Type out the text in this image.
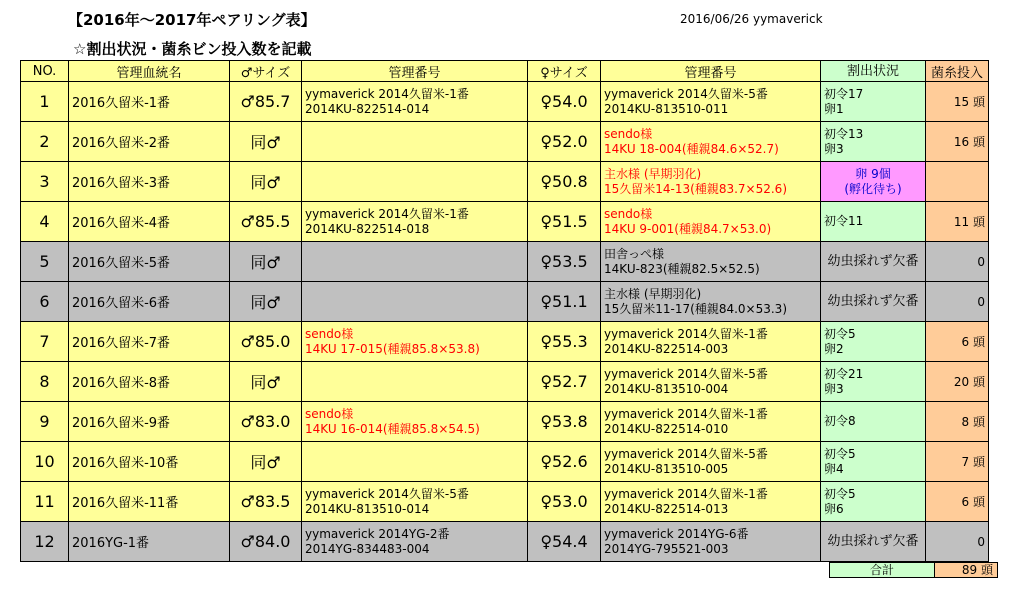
【2016年～2017年ペアリング表】	2016/06/26 yymaverick
☆割出状況・菌糸ビン投入数を記載
NO.	管理血統名	♂サイズ	管理番号	♀サイズ	管理番号	割出状況	菌糸投入
1	2016久留米-1番	♂85.7	yymaverick 2014久留米-1番
2014KU-822514-014	♀54.0	yymaverick 2014久留米-5番
2014KU-813510-011	初令17
卵1	15 頭
2	2016久留米-2番	同♂		♀52.0	sendo様
14KU 18-004(種親84.6×52.7)	初令13
卵3	16 頭
3	2016久留米-3番	同♂		♀50.8	主水様 (早期羽化)
15久留米14-13(種親83.7×52.6)	卵 9個
(孵化待ち)	

4	2016久留米-4番	♂85.5	yymaverick 2014久留米-1番
2014KU-822514-018	♀51.5	sendo様
14KU 9-001(種親84.7×53.0)	初令11	11 頭
5	2016久留米-5番	同♂		♀53.5	田舎っぺ様
14KU-823(種親82.5×52.5)	幼虫採れず欠番	0
6	2016久留米-6番	同♂		♀51.1	主水様 (早期羽化)
15久留米11-17(種親84.0×53.3)	幼虫採れず欠番	0
7	2016久留米-7番	♂85.0	sendo様
14KU 17-015(種親85.8×53.8)	♀55.3	yymaverick 2014久留米-1番
2014KU-822514-003	初令5
卵2	6 頭
8	2016久留米-8番	同♂		♀52.7	yymaverick 2014久留米-5番
2014KU-813510-004	初令21
卵3	20 頭
9	2016久留米-9番	♂83.0	sendo様
14KU 16-014(種親85.8×54.5)	♀53.8	yymaverick 2014久留米-1番
2014KU-822514-010	初令8	8 頭
10	2016久留米-10番	同♂		♀52.6	yymaverick 2014久留米-5番
2014KU-813510-005	初令5
卵4	7 頭
11	2016久留米-11番	♂83.5	yymaverick 2014久留米-5番
2014KU-813510-014	♀53.0	yymaverick 2014久留米-1番
2014KU-822514-013	初令5
卵6	6 頭
12	2016YG-1番	♂84.0	yymaverick 2014YG-2番
2014YG-834483-004	♀54.4	yymaverick 2014YG-6番
2014YG-795521-003	幼虫採れず欠番	0
合計	89 頭
